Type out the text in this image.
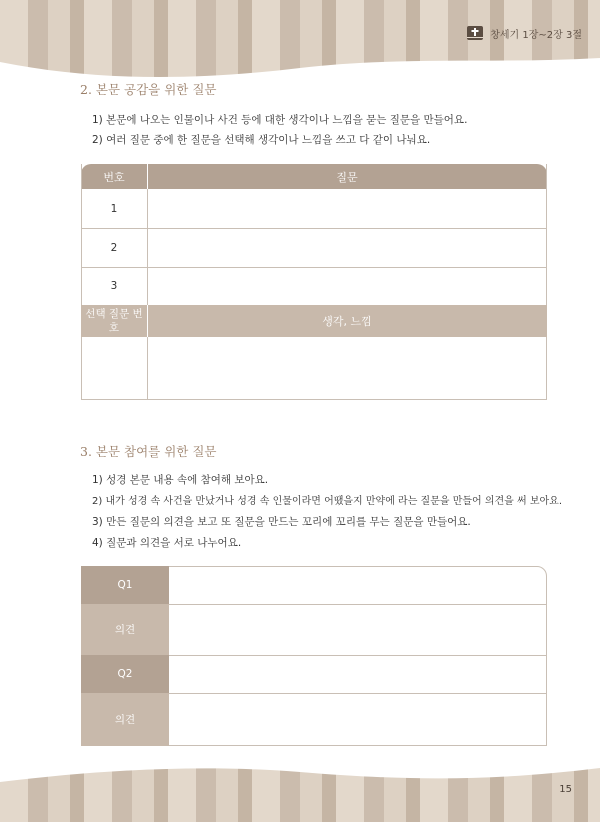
창세기 1장~2장 3절
2. 본문 공감을 위한 질문
1) 본문에 나오는 인물이나 사건 등에 대한 생각이나 느낌을 묻는 질문을 만들어요.
2) 여러 질문 중에 한 질문을 선택해 생각이나 느낌을 쓰고 다 같이 나눠요.
번호	질문
1
2
3
선택 질문 번호	생각, 느낌
3. 본문 참여를 위한 질문
1) 성경 본문 내용 속에 참여해 보아요.
2) 내가 성경 속 사건을 만났거나 성경 속 인물이라면 어땠을지 만약에 라는 질문을 만들어 의견을 써 보아요.
3) 만든 질문의 의견을 보고 또 질문을 만드는 꼬리에 꼬리를 무는 질문을 만들어요.
4) 질문과 의견을 서로 나누어요.
Q1
의견
Q2
의견
15
